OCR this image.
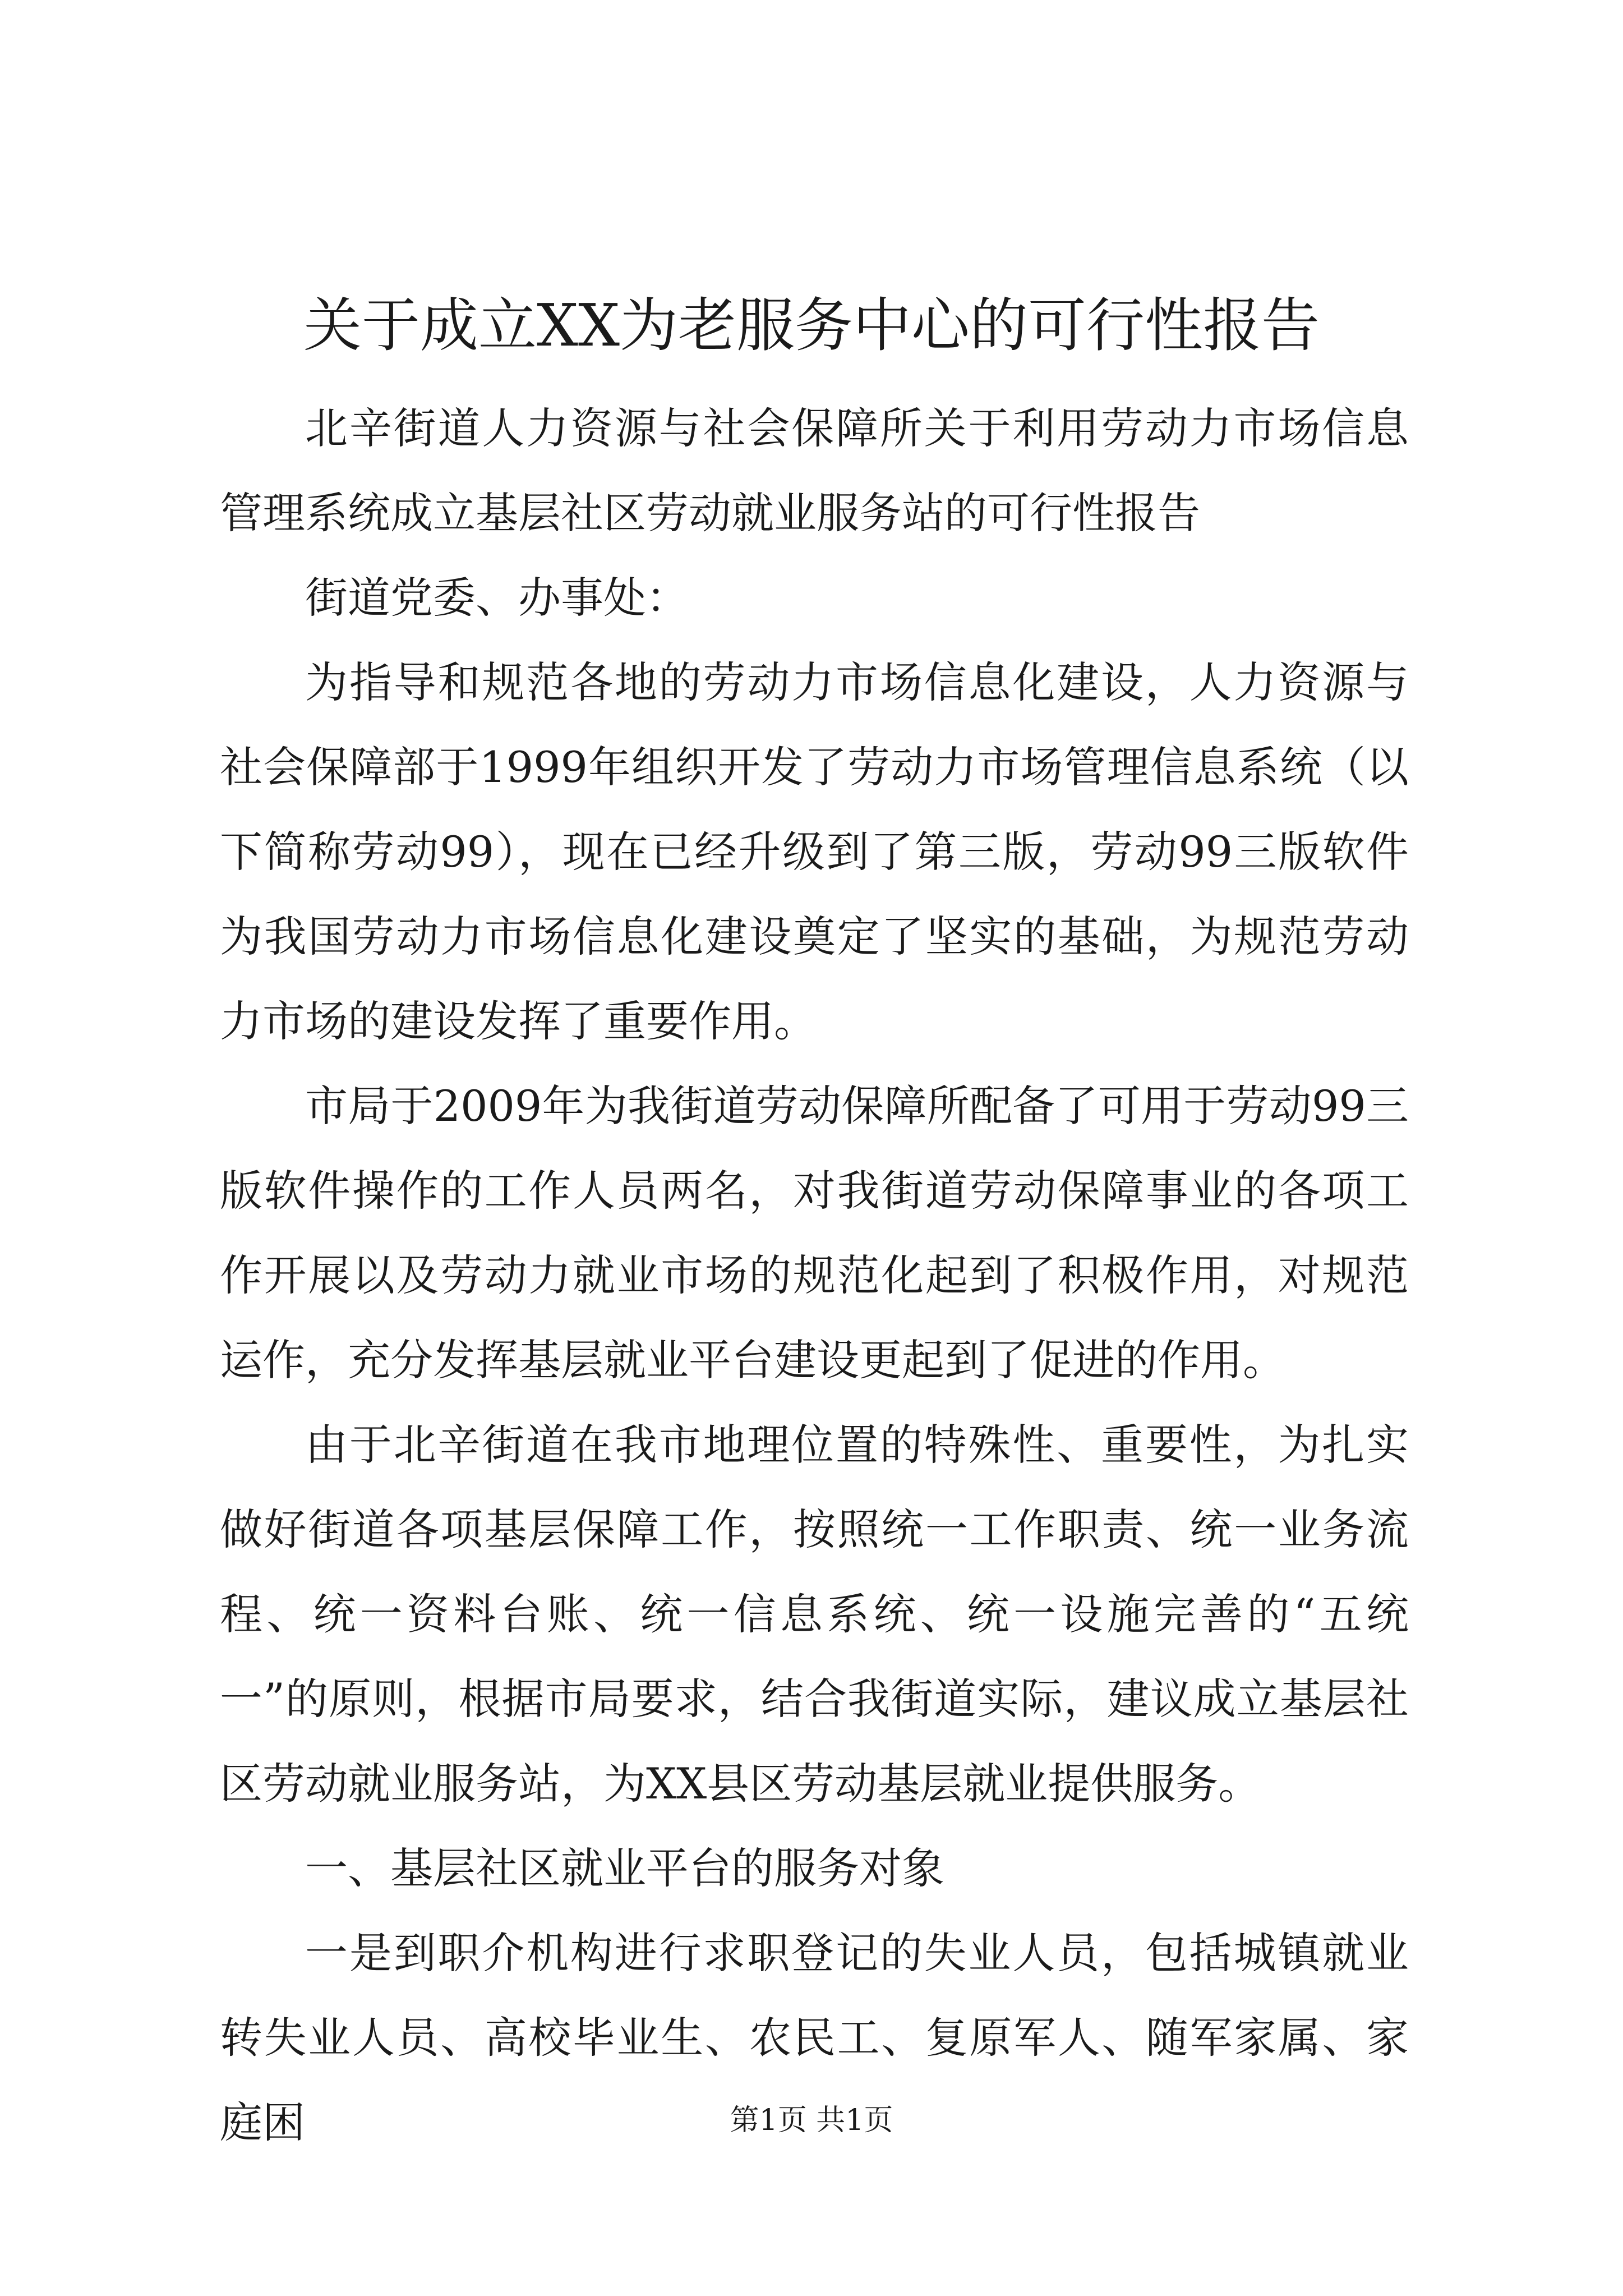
关于成立XX为老服务中心的可行性报告

北辛街道人力资源与社会保障所关于利用劳动力市场信息管理系统成立基层社区劳动就业服务站的可行性报告

街道党委、办事处：

为指导和规范各地的劳动力市场信息化建设，人力资源与社会保障部于1999年组织开发了劳动力市场管理信息系统（以下简称劳动99），现在已经升级到了第三版，劳动99三版软件为我国劳动力市场信息化建设奠定了坚实的基础，为规范劳动力市场的建设发挥了重要作用。

市局于2009年为我街道劳动保障所配备了可用于劳动99三版软件操作的工作人员两名，对我街道劳动保障事业的各项工作开展以及劳动力就业市场的规范化起到了积极作用，对规范运作，充分发挥基层就业平台建设更起到了促进的作用。

由于北辛街道在我市地理位置的特殊性、重要性，为扎实做好街道各项基层保障工作，按照统一工作职责、统一业务流程、统一资料台账、统一信息系统、统一设施完善的“五统一”的原则，根据市局要求，结合我街道实际，建议成立基层社区劳动就业服务站，为XX县区劳动基层就业提供服务。

一、基层社区就业平台的服务对象

一是到职介机构进行求职登记的失业人员，包括城镇就业转失业人员、高校毕业生、农民工、复原军人、随军家属、家庭困	第1页 共1页
